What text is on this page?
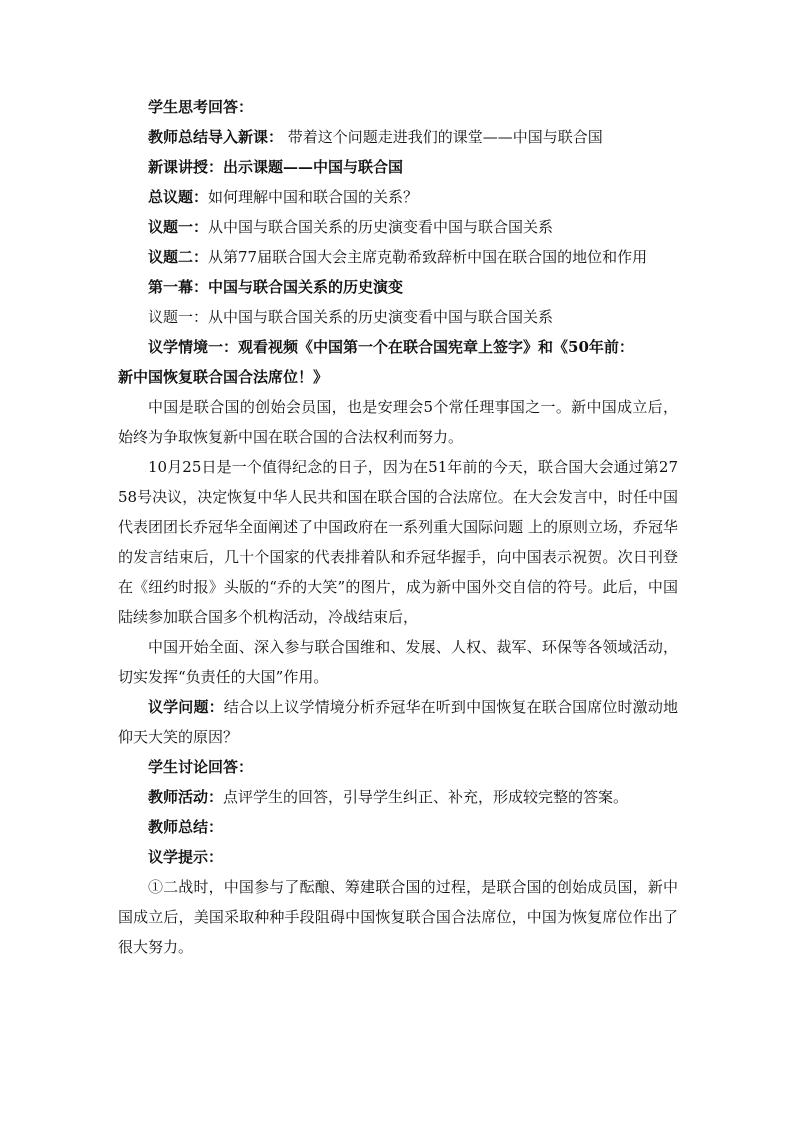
学生思考回答：

教师总结导入新课： 带着这个问题走进我们的课堂——中国与联合国

新课讲授：出示课题——中国与联合国

总议题：如何理解中国和联合国的关系？

议题一：从中国与联合国关系的历史演变看中国与联合国关系

议题二：从第77届联合国大会主席克勒希致辞析中国在联合国的地位和作用

第一幕：中国与联合国关系的历史演变

议题一：从中国与联合国关系的历史演变看中国与联合国关系

议学情境一：观看视频《中国第一个在联合国宪章上签字》和《50年前：
新中国恢复联合国合法席位！》

中国是联合国的创始会员国，也是安理会5个常任理事国之一。新中国成立后，始终为争取恢复新中国在联合国的合法权利而努力。

10月25日是一个值得纪念的日子，因为在51年前的今天，联合国大会通过第2758号决议，决定恢复中华人民共和国在联合国的合法席位。在大会发言中，时任中国代表团团长乔冠华全面阐述了中国政府在一系列重大国际问题 上的原则立场，乔冠华的发言结束后，几十个国家的代表排着队和乔冠华握手，向中国表示祝贺。次日刊登在《纽约时报》头版的“乔的大笑”的图片，成为新中国外交自信的符号。此后，中国陆续参加联合国多个机构活动，冷战结束后，

中国开始全面、深入参与联合国维和、发展、人权、裁军、环保等各领域活动，切实发挥“负责任的大国”作用。

议学问题：结合以上议学情境分析乔冠华在听到中国恢复在联合国席位时激动地仰天大笑的原因？

学生讨论回答：

教师活动：点评学生的回答，引导学生纠正、补充，形成较完整的答案。

教师总结：

议学提示：

①二战时，中国参与了酝酿、筹建联合国的过程，是联合国的创始成员国，新中国成立后，美国采取种种手段阻碍中国恢复联合国合法席位，中国为恢复席位作出了很大努力。
